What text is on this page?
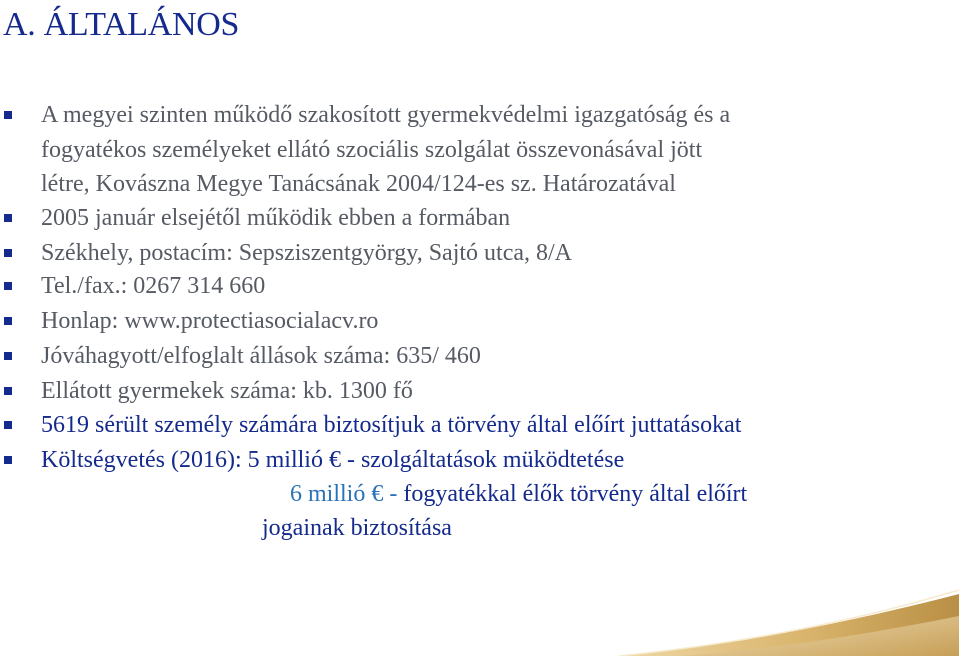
A. ÁLTALÁNOS
A megyei szinten működő szakosított gyermekvédelmi igazgatóság és a
fogyatékos személyeket ellátó szociális szolgálat összevonásával jött
létre, Kovászna Megye Tanácsának 2004/124-es sz. Határozatával
2005 január elsejétől működik ebben a formában
Székhely, postacím: Sepsziszentgyörgy, Sajtó utca, 8/A
Tel./fax.: 0267 314 660
Honlap: www.protectiasocialacv.ro
Jóváhagyott/elfoglalt állások száma: 635/ 460
Ellátott gyermekek száma: kb. 1300 fő
5619 sérült személy számára biztosítjuk a törvény által előírt juttatásokat
Költségvetés (2016): 5 millió € - szolgáltatások müködtetése
6 millió € - fogyatékkal élők törvény által előírt
jogainak biztosítása
